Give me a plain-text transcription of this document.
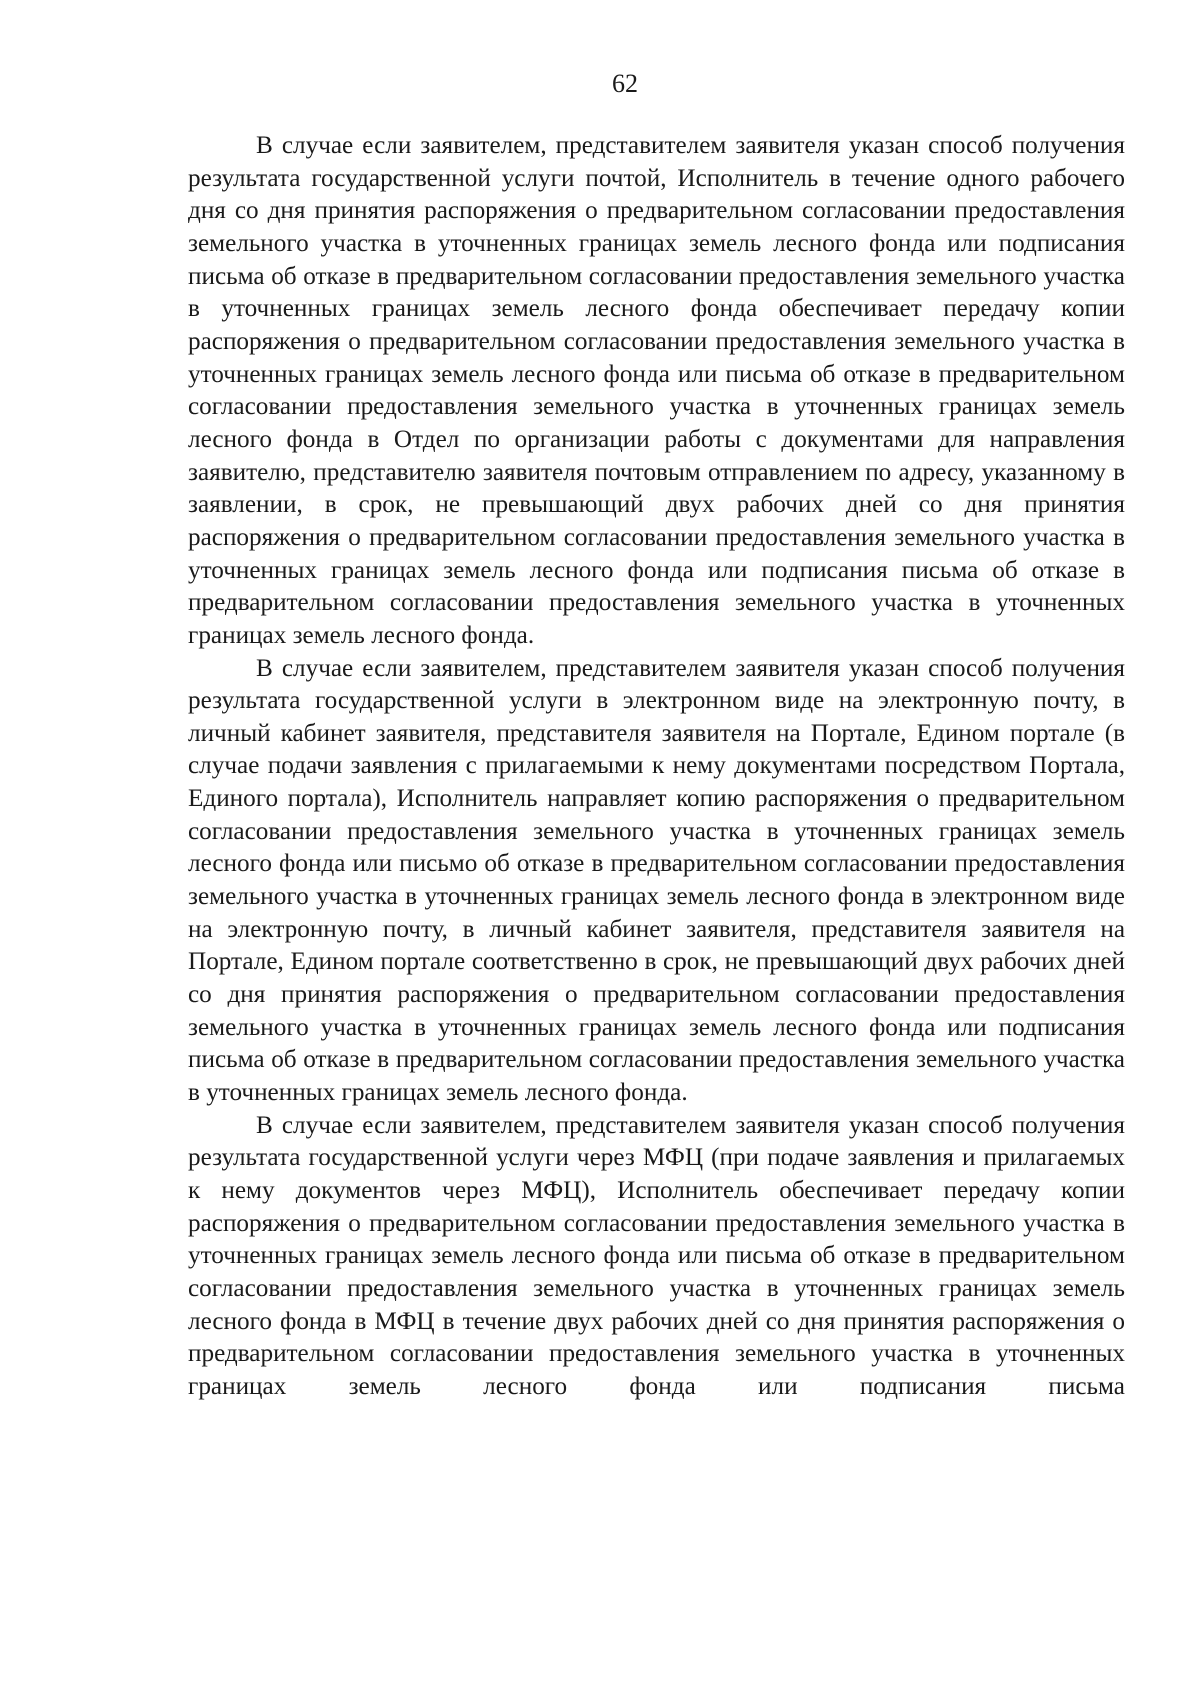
62

В случае если заявителем, представителем заявителя указан способ получения результата государственной услуги почтой, Исполнитель в течение одного рабочего дня со дня принятия распоряжения о предварительном согласовании предоставления земельного участка в уточненных границах земель лесного фонда или подписания письма об отказе в предварительном согласовании предоставления земельного участка в уточненных границах земель лесного фонда обеспечивает передачу копии распоряжения о предварительном согласовании предоставления земельного участка в уточненных границах земель лесного фонда или письма об отказе в предварительном согласовании предоставления земельного участка в уточненных границах земель лесного фонда в Отдел по организации работы с документами для направления заявителю, представителю заявителя почтовым отправлением по адресу, указанному в заявлении, в срок, не превышающий двух рабочих дней со дня принятия распоряжения о предварительном согласовании предоставления земельного участка в уточненных границах земель лесного фонда или подписания письма об отказе в предварительном согласовании предоставления земельного участка в уточненных границах земель лесного фонда.

В случае если заявителем, представителем заявителя указан способ получения результата государственной услуги в электронном виде на электронную почту, в личный кабинет заявителя, представителя заявителя на Портале, Едином портале (в случае подачи заявления с прилагаемыми к нему документами посредством Портала, Единого портала), Исполнитель направляет копию распоряжения о предварительном согласовании предоставления земельного участка в уточненных границах земель лесного фонда или письмо об отказе в предварительном согласовании предоставления земельного участка в уточненных границах земель лесного фонда в электронном виде на электронную почту, в личный кабинет заявителя, представителя заявителя на Портале, Едином портале соответственно в срок, не превышающий двух рабочих дней со дня принятия распоряжения о предварительном согласовании предоставления земельного участка в уточненных границах земель лесного фонда или подписания письма об отказе в предварительном согласовании предоставления земельного участка в уточненных границах земель лесного фонда.

В случае если заявителем, представителем заявителя указан способ получения результата государственной услуги через МФЦ (при подаче заявления и прилагаемых к нему документов через МФЦ), Исполнитель обеспечивает передачу копии распоряжения о предварительном согласовании предоставления земельного участка в уточненных границах земель лесного фонда или письма об отказе в предварительном согласовании предоставления земельного участка в уточненных границах земель лесного фонда в МФЦ в течение двух рабочих дней со дня принятия распоряжения о предварительном согласовании предоставления земельного участка в уточненных границах земель лесного фонда или подписания письма
